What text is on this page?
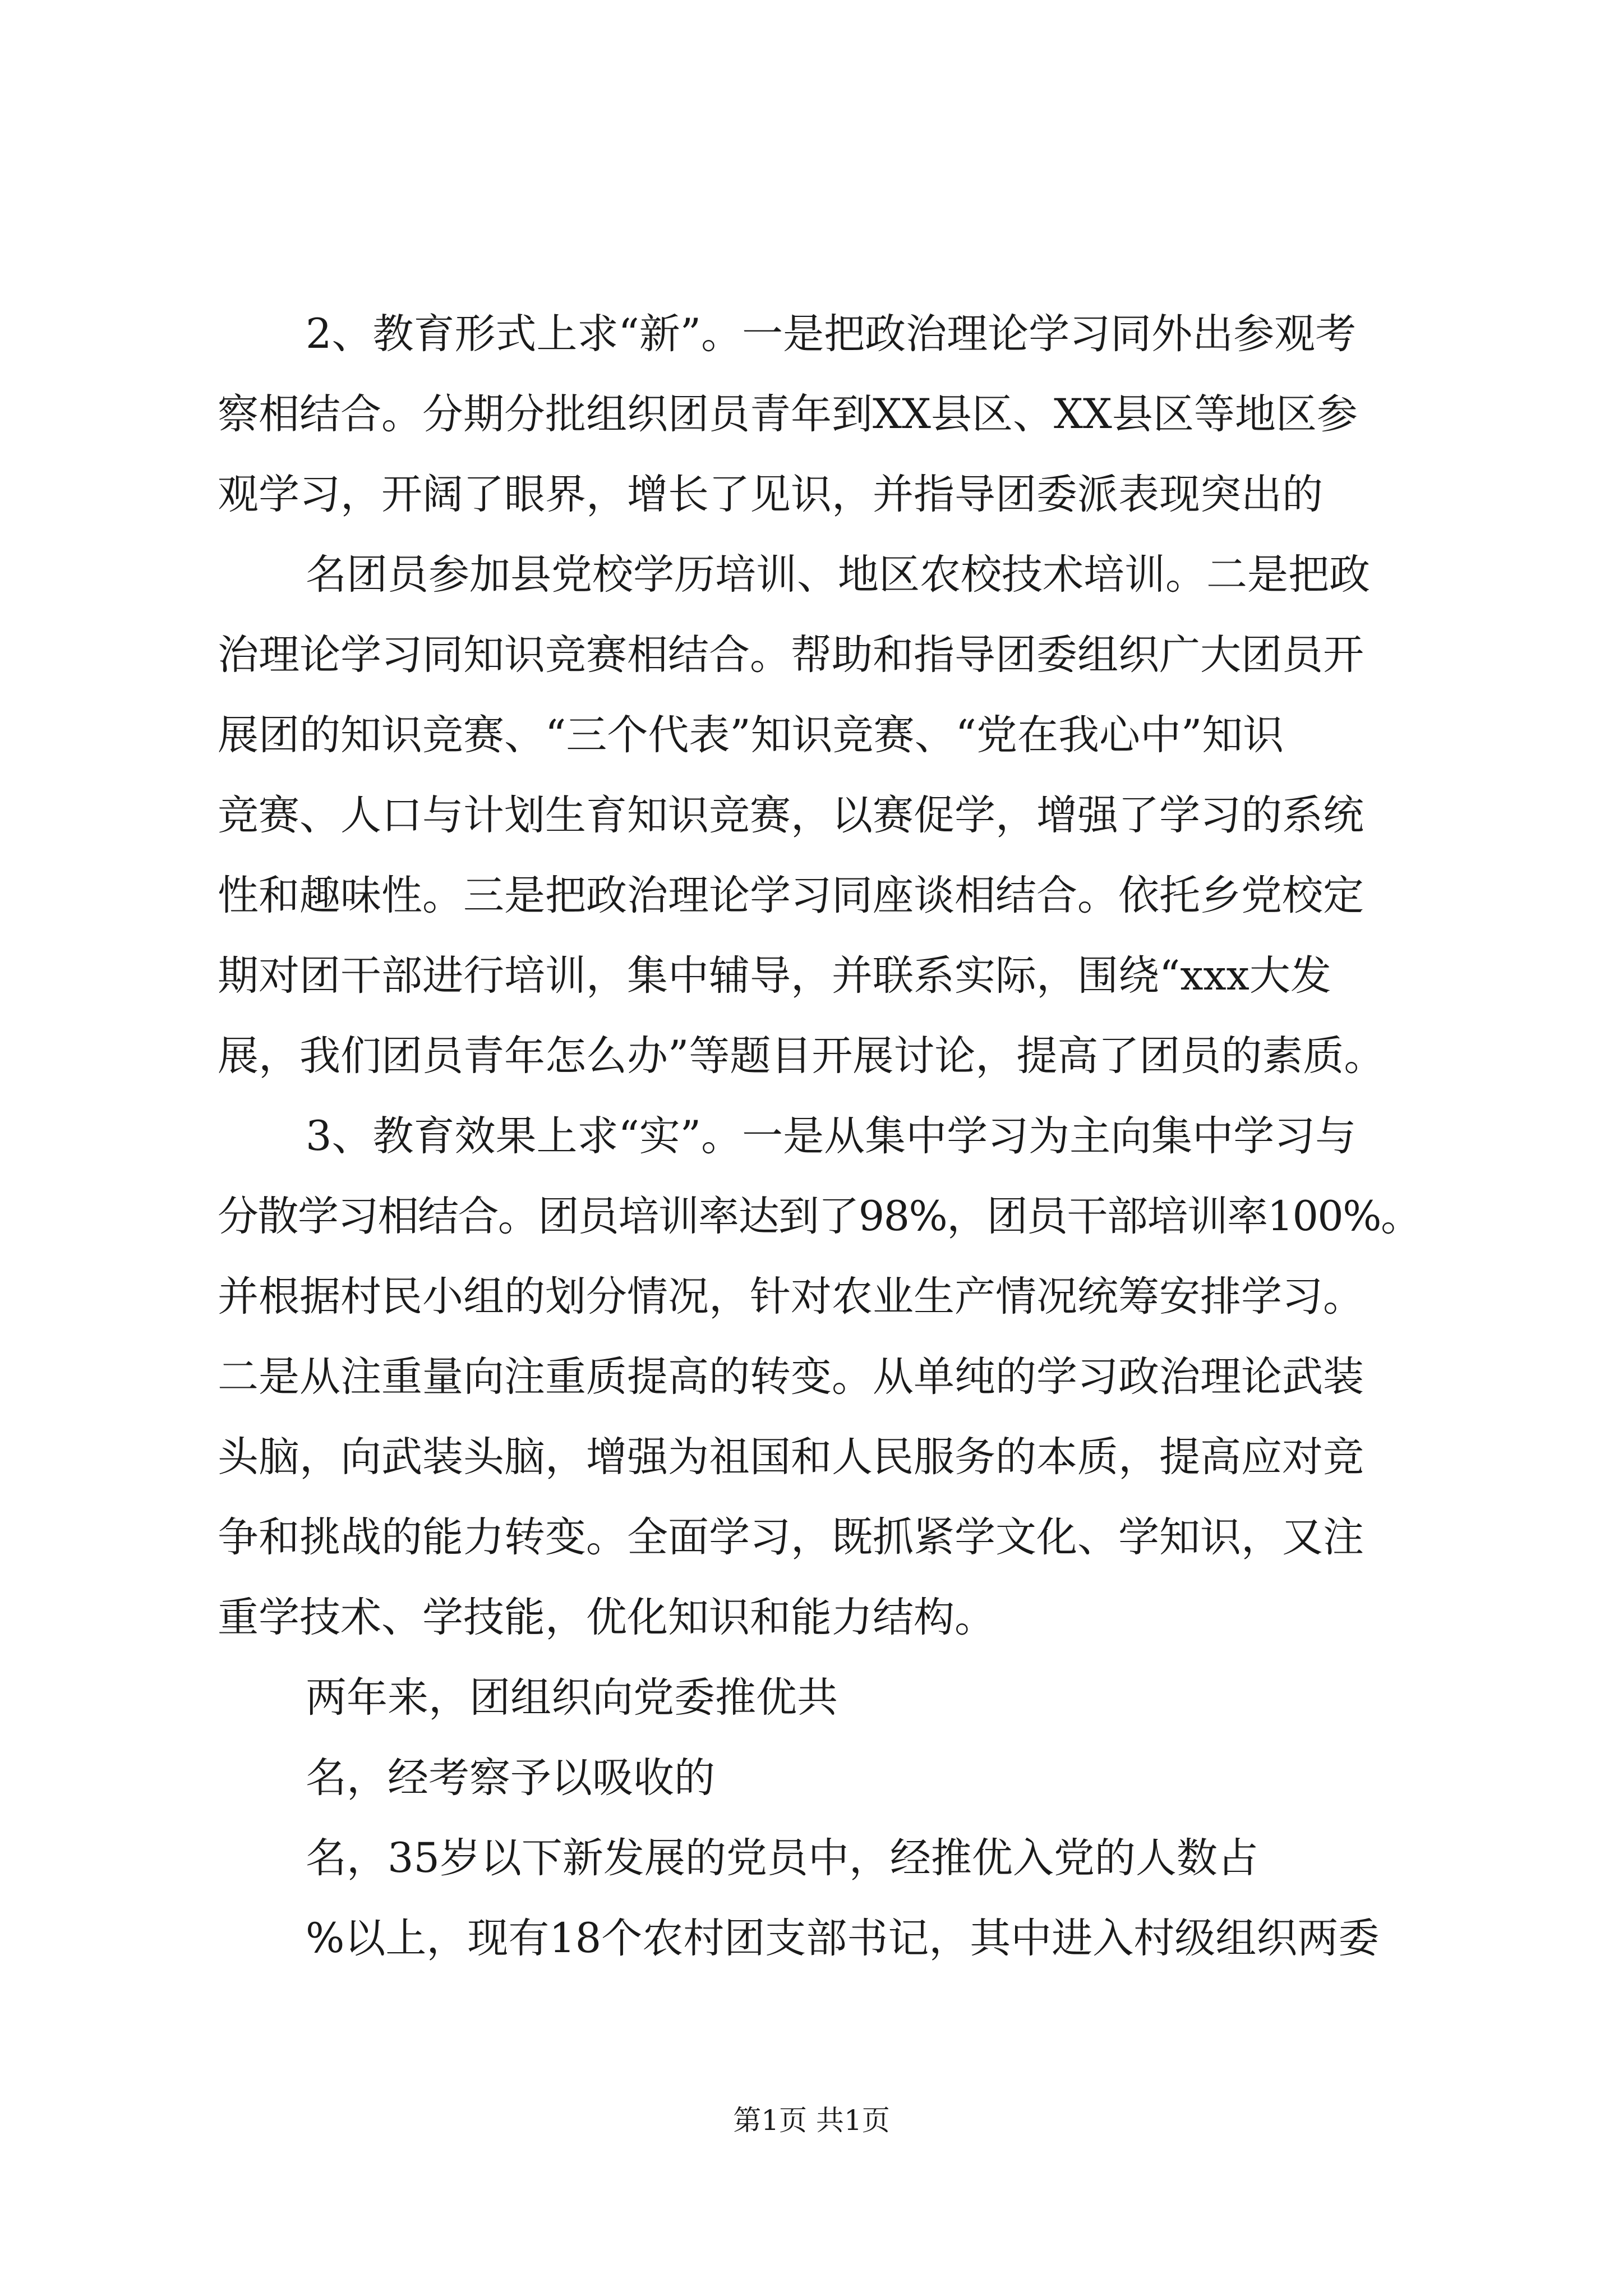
2、教育形式上求“新”。一是把政治理论学习同外出参观考
察相结合。分期分批组织团员青年到XX县区、XX县区等地区参
观学习，开阔了眼界，增长了见识，并指导团委派表现突出的
名团员参加县党校学历培训、地区农校技术培训。二是把政
治理论学习同知识竞赛相结合。帮助和指导团委组织广大团员开
展团的知识竞赛、“三个代表”知识竞赛、“党在我心中”知识
竞赛、人口与计划生育知识竞赛，以赛促学，增强了学习的系统
性和趣味性。三是把政治理论学习同座谈相结合。依托乡党校定
期对团干部进行培训，集中辅导，并联系实际，围绕“xxx大发
展，我们团员青年怎么办”等题目开展讨论，提高了团员的素质。
3、教育效果上求“实”。一是从集中学习为主向集中学习与
分散学习相结合。团员培训率达到了98%，团员干部培训率100%。
并根据村民小组的划分情况，针对农业生产情况统筹安排学习。
二是从注重量向注重质提高的转变。从单纯的学习政治理论武装
头脑，向武装头脑，增强为祖国和人民服务的本质，提高应对竞
争和挑战的能力转变。全面学习，既抓紧学文化、学知识，又注
重学技术、学技能，优化知识和能力结构。
两年来，团组织向党委推优共
名，经考察予以吸收的
名，35岁以下新发展的党员中，经推优入党的人数占
%以上，现有18个农村团支部书记，其中进入村级组织两委
第1页 共1页
